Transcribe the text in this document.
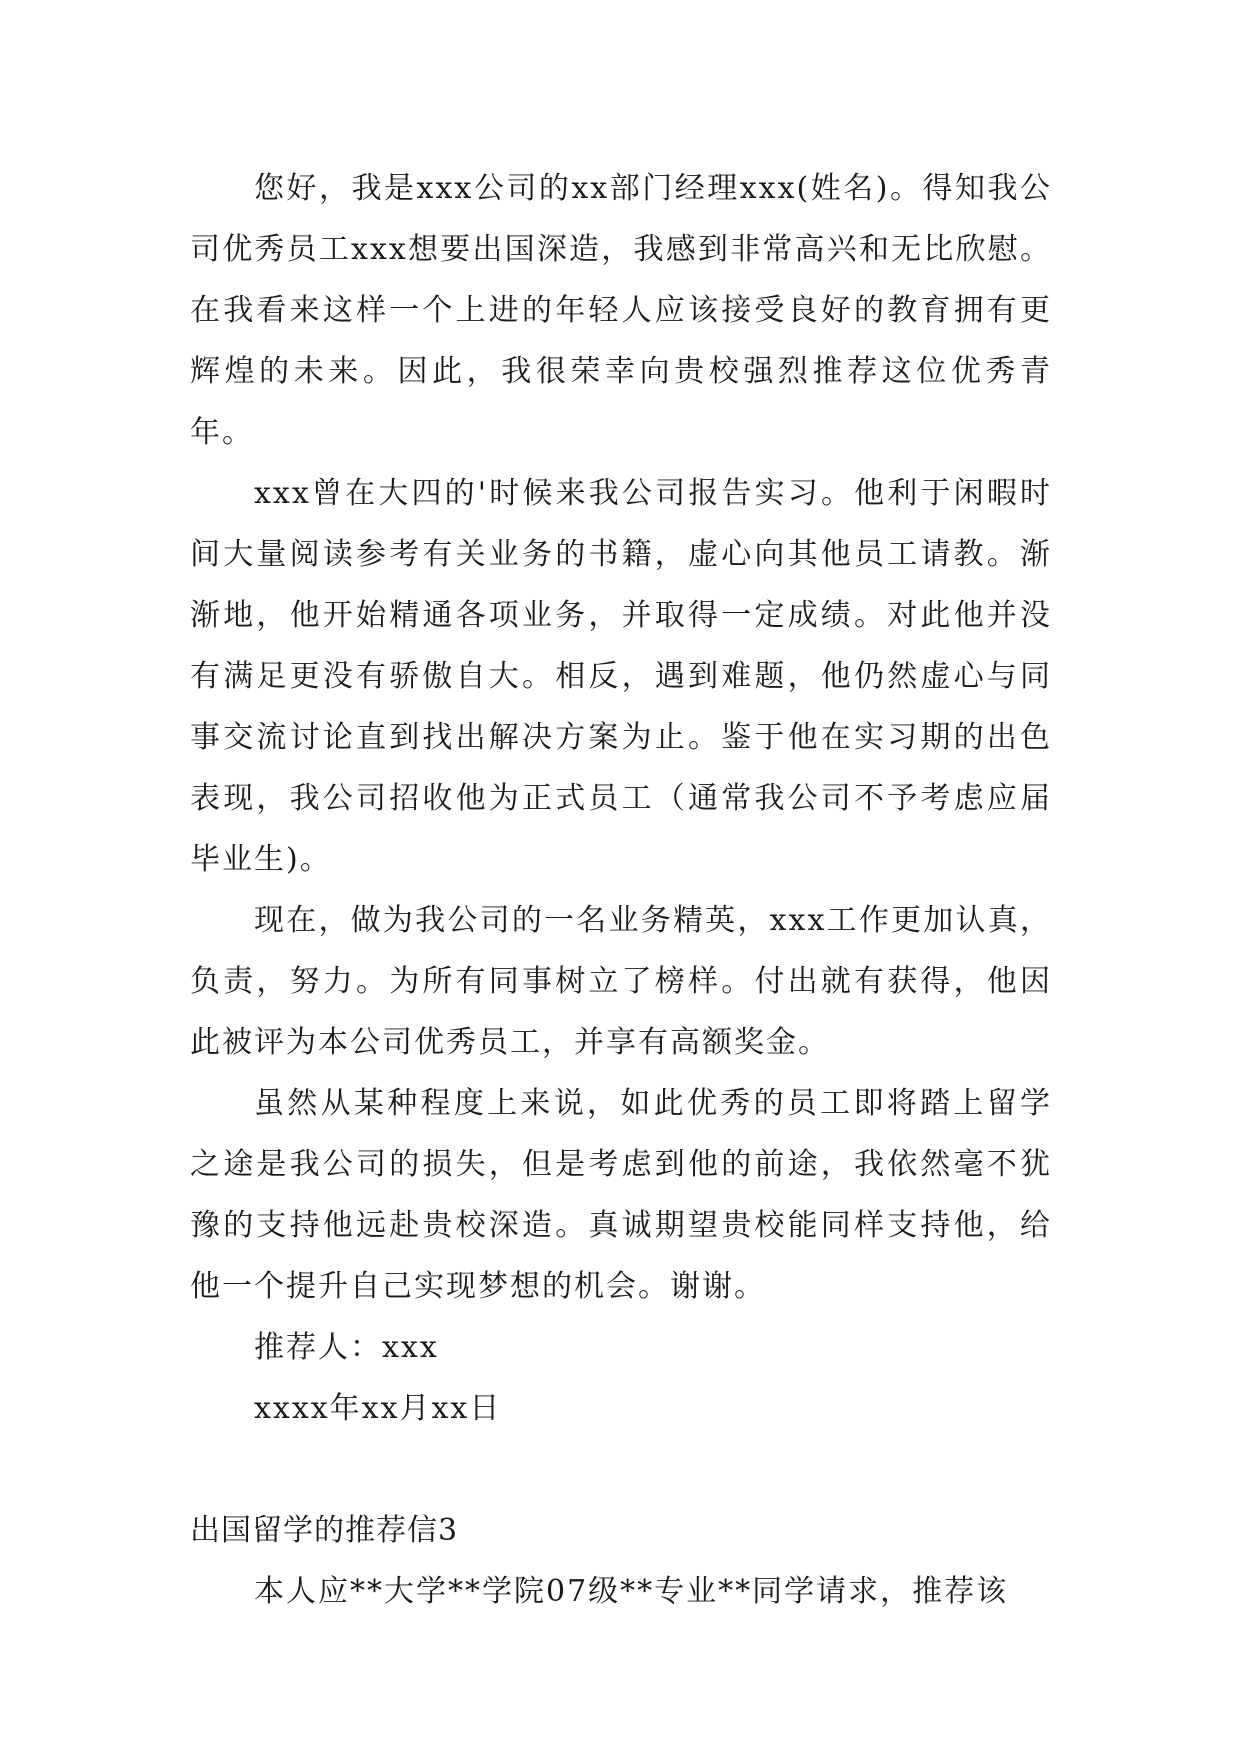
您好，我是xxx公司的xx部门经理xxx(姓名)。得知我公司优秀员工xxx想要出国深造，我感到非常高兴和无比欣慰。在我看来这样一个上进的年轻人应该接受良好的教育拥有更辉煌的未来。因此，我很荣幸向贵校强烈推荐这位优秀青年。

xxx曾在大四的'时候来我公司报告实习。他利于闲暇时间大量阅读参考有关业务的书籍，虚心向其他员工请教。渐渐地，他开始精通各项业务，并取得一定成绩。对此他并没有满足更没有骄傲自大。相反，遇到难题，他仍然虚心与同事交流讨论直到找出解决方案为止。鉴于他在实习期的出色表现，我公司招收他为正式员工（通常我公司不予考虑应届毕业生)。

现在，做为我公司的一名业务精英，xxx工作更加认真，负责，努力。为所有同事树立了榜样。付出就有获得，他因此被评为本公司优秀员工，并享有高额奖金。

虽然从某种程度上来说，如此优秀的员工即将踏上留学之途是我公司的损失，但是考虑到他的前途，我依然毫不犹豫的支持他远赴贵校深造。真诚期望贵校能同样支持他，给他一个提升自己实现梦想的机会。谢谢。

推荐人：xxx

xxxx年xx月xx日

出国留学的推荐信3

本人应**大学**学院07级**专业**同学请求，推荐该
